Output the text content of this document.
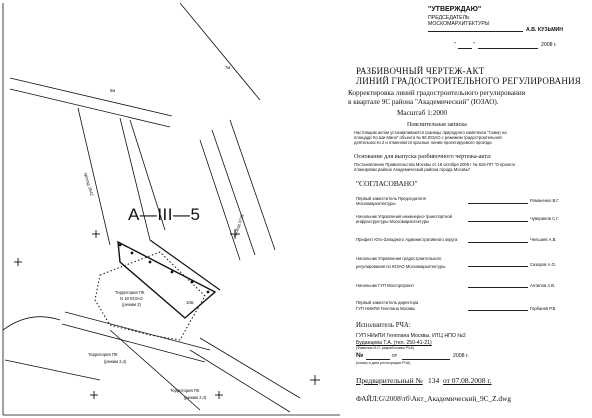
А—III—5
проезд 3542
проезд 3723
5м
7м
10м
Территория ПК
N 18 ЮЗАО
(режим 2)
Территория ПК
(режим 2,4)
Территория ПК
(режим 2,4)
"УТВЕРЖДАЮ"
ПРЕДСЕДАТЕЛЬ
МОСКОМАРХИТЕКТУРЫ
А.В. КУЗЬМИН
"	"	2008 г.
РАЗБИВОЧНЫЙ ЧЕРТЕЖ-АКТ
ЛИНИЙ ГРАДОСТРОИТЕЛЬНОГО РЕГУЛИРОВАНИЯ
Корректировка линий градостроительного регулирования
в квартале 9С района "Академический" (ЮЗАО).
Масштаб 1:2000
Пояснительная записка
Настоящим актом устанавливаются границы природного комплекса "Сквер на
площади Хо Ши Мина" объекта № 96 ЮЗАО с режимом градостроительной
деятельности 2 и отменяются красные линии проектируемого проезда
Основание для выпуска разбивочного чертежа-акта:
Постановление Правительства Москвы от 18 октября 2005 г № 815-ПП "О проекте
планировки района Академический района города Москвы"
"СОГЛАСОВАНО"
Первый заместитель Председателя
Москомархитектуры
Романенко В.Г.
Начальник Управления инженерно-транспортной
инфраструктуры Москомархитектуры
Чуверинов С.Г.
Префект Юго-Западного Административного округа	Чельшев А.В.
Начальник Управления градостроительного
регулирования по ЮЗАО Москомархитектуры	Сизаров А.О.
Начальник ГУП Мосгорпроект	Антипов А.В.
Первый заместитель директора
ГУП НИиПИ Генплана Москвы	Горбанев Р.В.
Исполнитель РЧА:
ГУП НИиПИ Генплана Москвы, ИТЦ НПО №2
Буданцева Т.А. (тел. 250-41-21)
(Фамилия И.О. разработчика РЧА)
№	от	2008 г.
(номер и дата регистрации РЧА)
Предварительный № 134 от 07.08.2008 г.
ФАЙЛ:G\2008\тб\Акт_Академический_9С_Z.dwg
